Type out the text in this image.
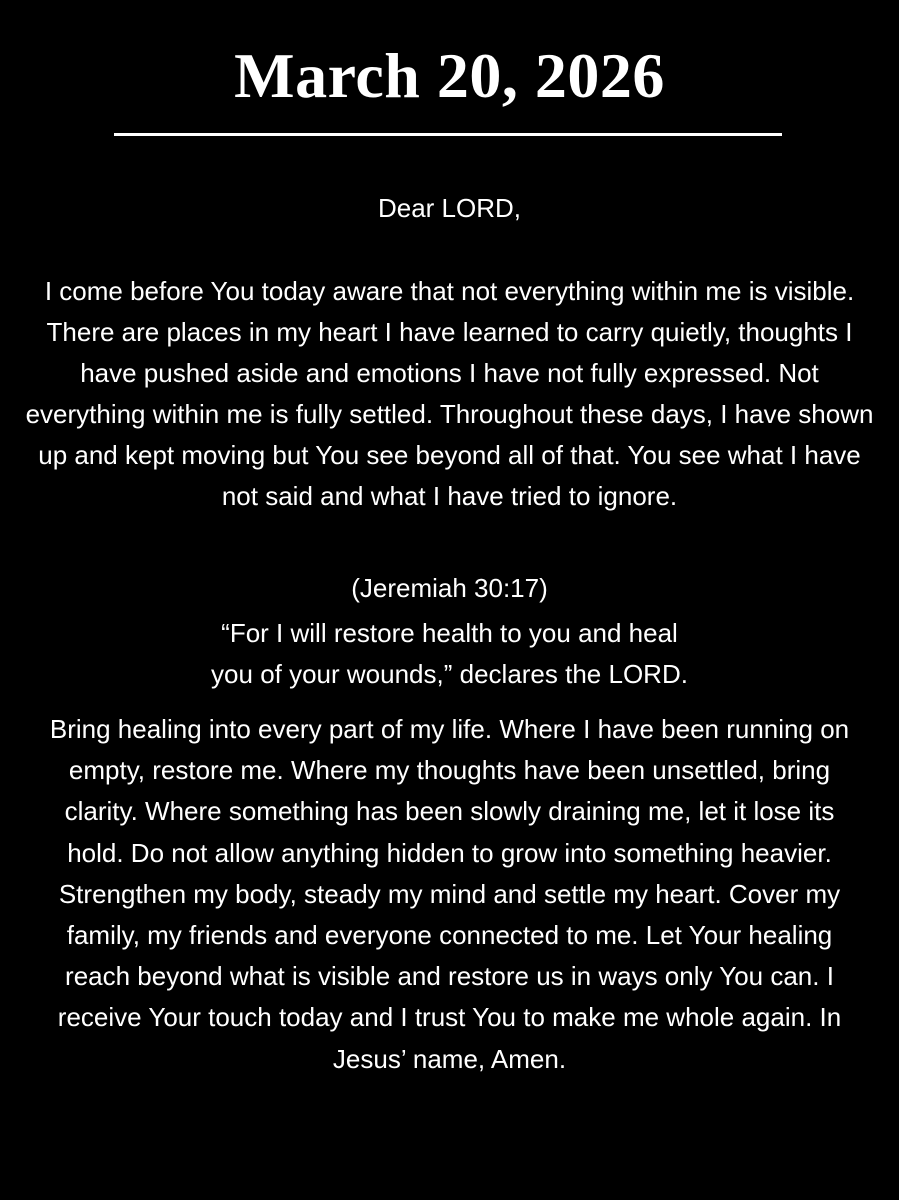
March 20, 2026
Dear LORD,
I come before You today aware that not everything within me is visible. There are places in my heart I have learned to carry quietly, thoughts I have pushed aside and emotions I have not fully expressed. Not everything within me is fully settled. Throughout these days, I have shown up and kept moving but You see beyond all of that. You see what I have not said and what I have tried to ignore.
(Jeremiah 30:17)
“For I will restore health to you and heal you of your wounds,” declares the LORD.
Bring healing into every part of my life. Where I have been running on empty, restore me. Where my thoughts have been unsettled, bring clarity. Where something has been slowly draining me, let it lose its hold. Do not allow anything hidden to grow into something heavier. Strengthen my body, steady my mind and settle my heart. Cover my family, my friends and everyone connected to me. Let Your healing reach beyond what is visible and restore us in ways only You can. I receive Your touch today and I trust You to make me whole again. In Jesus’ name, Amen.
